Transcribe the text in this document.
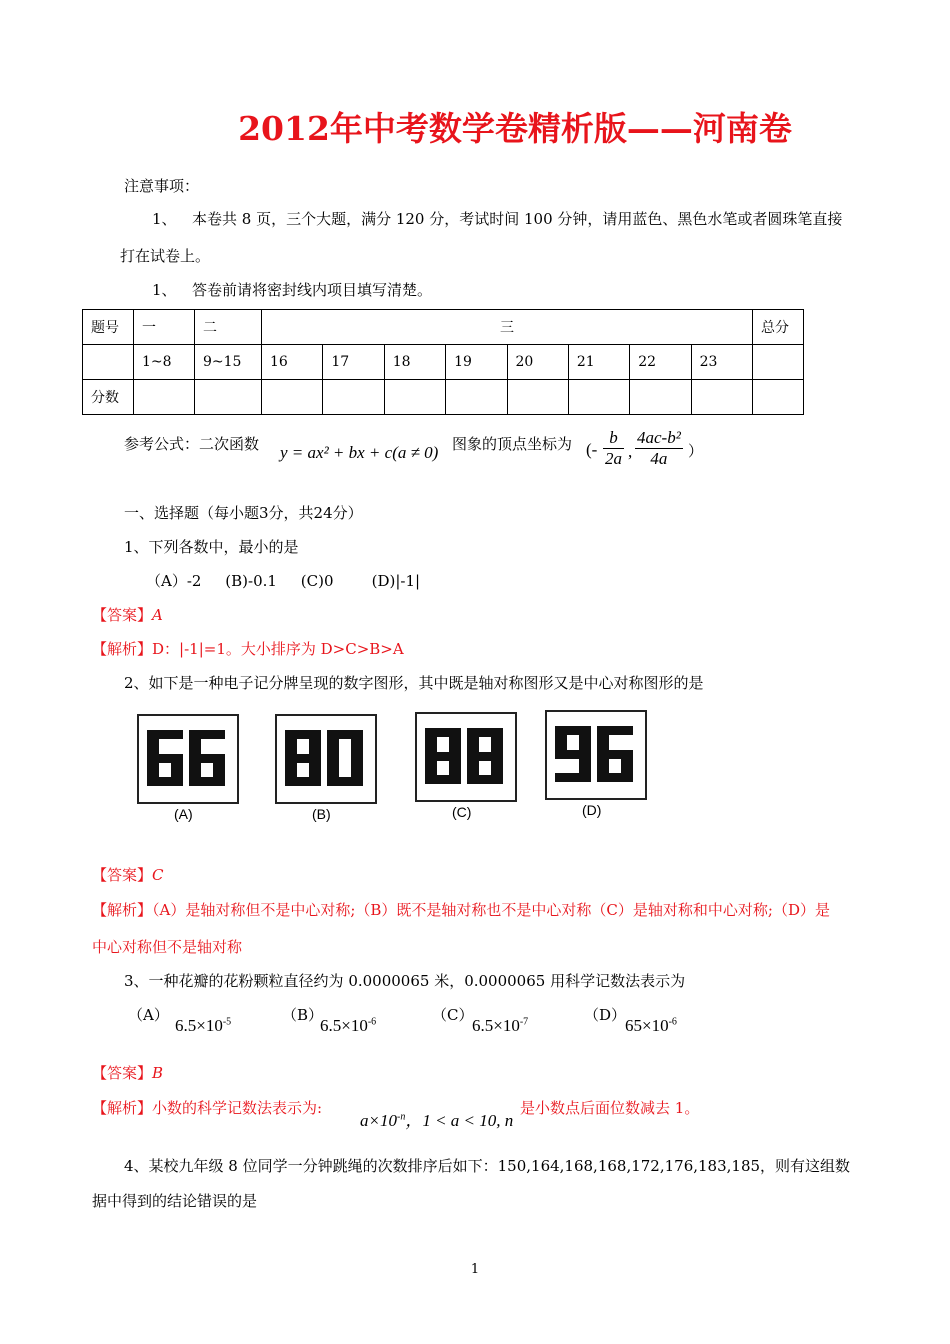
2012年中考数学卷精析版——河南卷
注意事项：
1、 本卷共 8 页，三个大题，满分 120 分，考试时间 100 分钟，请用蓝色、黑色水笔或者圆珠笔直接
打在试卷上。
1、 答卷前请将密封线内项目填写清楚。
题号	一	二	三								总分
	1~8	9~15	16	17	18	19	20	21	22	23	
分数											
参考公式：二次函数 y = ax² + bx + c(a ≠ 0) 图象的顶点坐标为 (- $\frac{b}{2a}$ , $\frac{\text{4ac-b²}}{4a}$ ）
一、选择题（每小题3分，共24分）
1、下列各数中，最小的是
（A）-2     (B)-0.1     (C)0        (D)|-1|
【答案】A
【解析】D：|-1|=1。大小排序为 D>C>B>A
2、如下是一种电子记分牌呈现的数字图形，其中既是轴对称图形又是中心对称图形的是
(A)	(B)	(C)	(D)
【答案】C
【解析】（A）是轴对称但不是中心对称;（B）既不是轴对称也不是中心对称（C）是轴对称和中心对称;（D）是
中心对称但不是轴对称
3、一种花瓣的花粉颗粒直径约为 0.0000065 米，0.0000065 用科学记数法表示为
（A）
$6.5\times 10^{-5}$	（B）
$6.5\times 10^{-6}$	（C）
$6.5\times 10^{-7}$	（D）
$65\times 10^{-6}$
【答案】B
【解析】小数的科学记数法表示为:
$a\times 10^{-n}$，1 < a < 10, n
是小数点后面位数减去 1。
4、某校九年级 8 位同学一分钟跳绳的次数排序后如下：150,164,168,168,172,176,183,185，则有这组数
据中得到的结论错误的是
1
